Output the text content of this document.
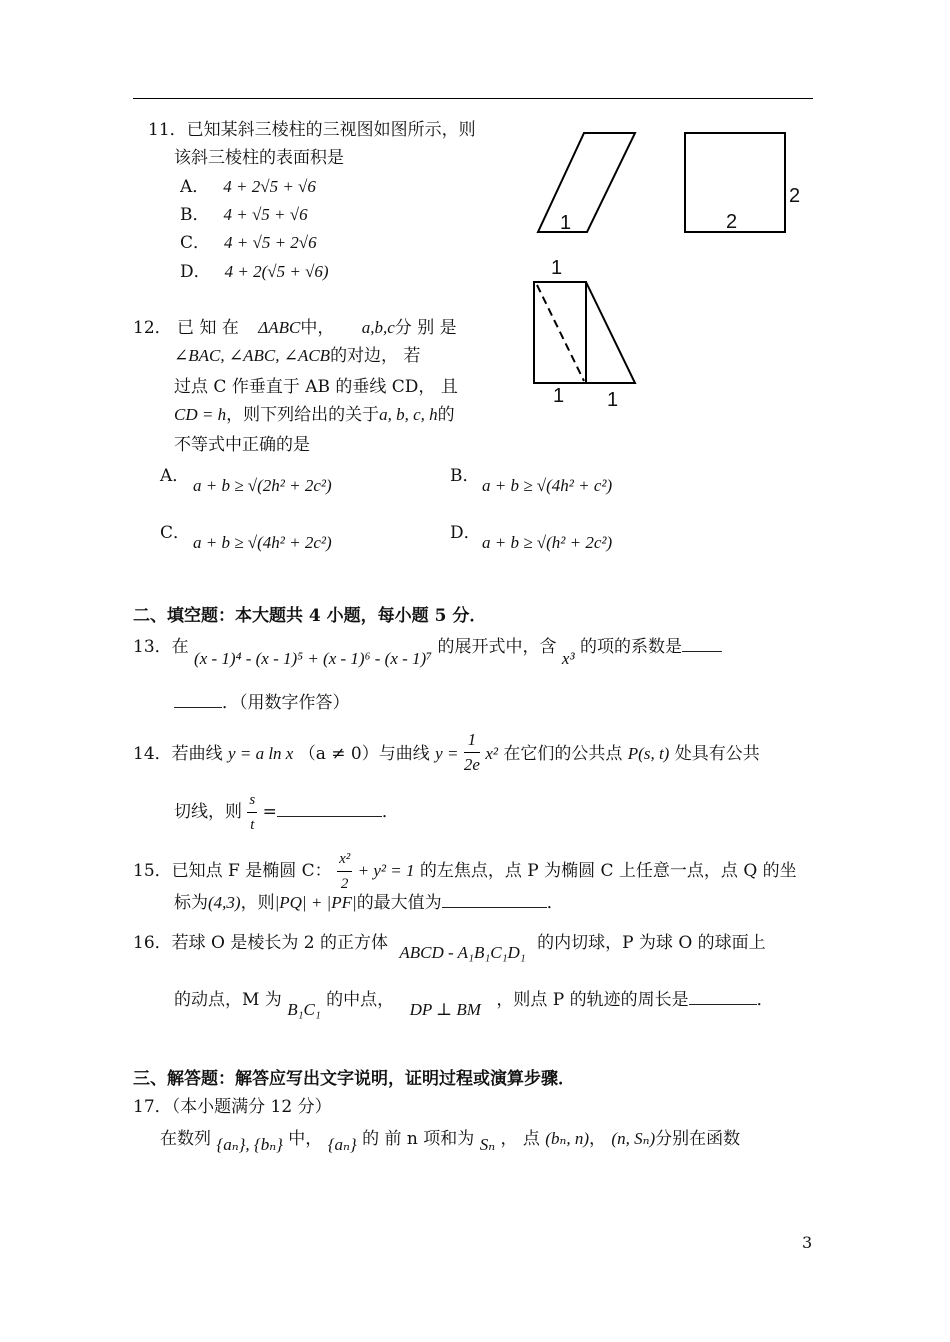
11．已知某斜三棱柱的三视图如图所示，则
该斜三棱柱的表面积是
A． 4 + 2√5 + √6
B． 4 + √5 + √6
C． 4 + √5 + 2√6
D． 4 + 2(√5 + √6)
1	2
2
1
1 1
12． 已 知 在 ΔABC中， a,b,c分 别 是
∠BAC, ∠ABC, ∠ACB的对边， 若
过点 C 作垂直于 AB 的垂线 CD， 且
CD = h，则下列给出的关于a, b, c, h的
不等式中正确的是
A． a + b ≥ √(2h² + 2c²)	B． a + b ≥ √(4h² + c²)
C． a + b ≥ √(4h² + 2c²)	D． a + b ≥ √(h² + 2c²)
二、填空题：本大题共 4 小题，每小题 5 分．
13．在 (x - 1)⁴ - (x - 1)⁵ + (x - 1)⁶ - (x - 1)⁷ 的展开式中，含 x³ 的项的系数是
．（用数字作答）
14．若曲线 y = a ln x （a ≠ 0）与曲线 $y = \frac{1}{2e} x^2$ 在它们的公共点 P(s, t) 处具有公共
切线，则 $\frac{s}{t}$ =	．
15．已知点 F 是椭圆 C： $\frac{\text{x²}}{2} + y^2 = 1$ 的左焦点，点 P 为椭圆 C 上任意一点，点 Q 的坐
标为(4,3)，则|PQ| + |PF|的最大值为	．
16．若球 O 是棱长为 2 的正方体 ABCD - A₁B₁C₁D₁ 的内切球，P 为球 O 的球面上
的动点，M 为 B₁C₁ 的中点， DP ⊥ BM ，则点 P 的轨迹的周长是	．
三、解答题：解答应写出文字说明，证明过程或演算步骤．
17．（本小题满分 12 分）
在数列 {aₙ}, {bₙ} 中， {aₙ} 的 前 n 项和为 Sₙ ， 点 (bₙ, n)， (n, Sₙ)分别在函数
3
